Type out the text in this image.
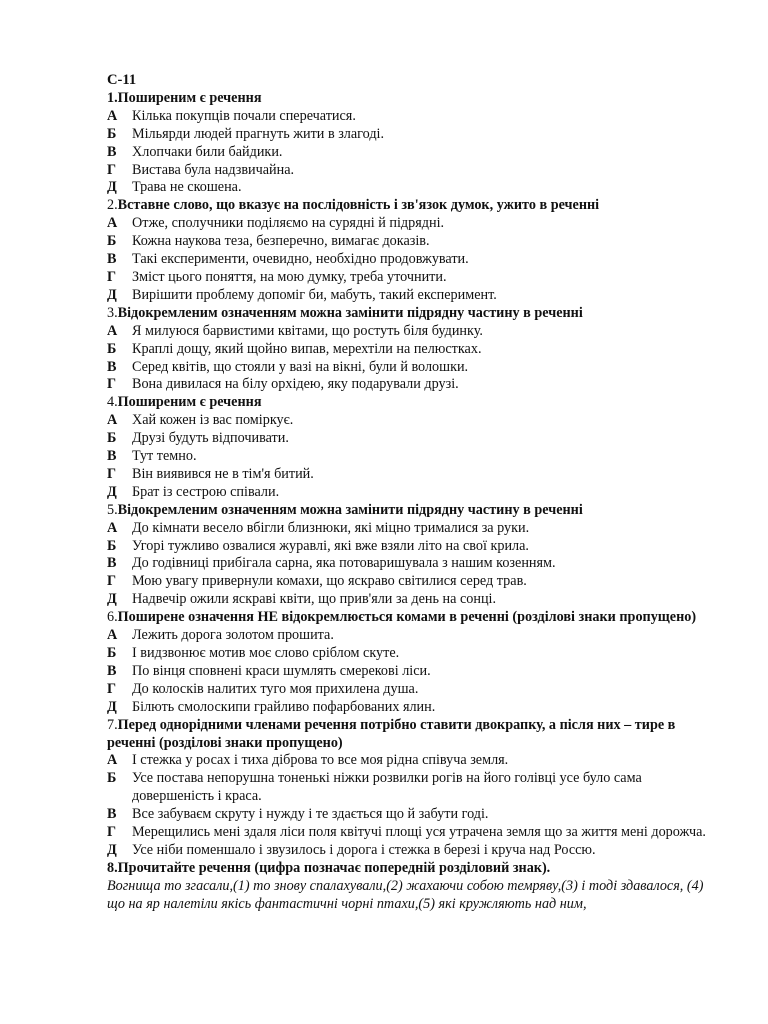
С-11
1.Поширеним є речення
А	Кілька покупців почали сперечатися.
Б	Мільярди людей прагнуть жити в злагоді.
В	Хлопчаки били байдики.
Г	Вистава була надзвичайна.
Д	Трава не скошена.
2.Вставне слово, що вказує на послідовність і зв'язок думок, ужито в реченні
А	Отже, сполучники поділяємо на сурядні й підрядні.
Б	Кожна наукова теза, безперечно, вимагає доказів.
В	Такі експерименти, очевидно, необхідно продовжувати.
Г	Зміст цього поняття, на мою думку, треба уточнити.
Д	Вирішити проблему допоміг би, мабуть, такий експеримент.
3.Відокремленим означенням можна замінити підрядну частину в реченні
А	Я милуюся барвистими квітами, що ростуть біля будинку.
Б	Краплі дощу, який щойно випав, мерехтіли на пелюстках.
В	Серед квітів, що стояли у вазі на вікні, були й волошки.
Г	Вона дивилася на білу орхідею, яку подарували друзі.
4.Поширеним є речення
А	Хай кожен із вас поміркує.
Б	Друзі будуть відпочивати.
В	Тут темно.
Г	Він виявився не в тім'я битий.
Д	Брат із сестрою співали.
5.Відокремленим означенням можна замінити підрядну частину в реченні
А	До кімнати весело вбігли близнюки, які міцно трималися за руки.
Б	Угорі тужливо озвалися журавлі, які вже взяли літо на свої крила.
В	До годівниці прибігала сарна, яка потоваришувала з нашим козенням.
Г	Мою увагу привернули комахи, що яскраво світилися серед трав.
Д	Надвечір ожили яскраві квіти, що прив'яли за день на сонці.
6.Поширене означення НЕ відокремлюється комами в реченні (розділові знаки пропущено)
А	Лежить дорога золотом прошита.
Б	І видзвонює мотив моє слово сріблом скуте.
В	По вінця сповнені краси шумлять смерекові ліси.
Г	До колосків налитих туго моя прихилена душа.
Д	Білють смолоскипи грайливо пофарбованих ялин.
7.Перед однорідними членами речення потрібно ставити двокрапку, а після них – тире в реченні (розділові знаки пропущено)
А	І стежка у росах і тиха діброва то все моя рідна співуча земля.
Б	Усе постава непорушна тоненькі ніжки розвилки рогів на його голівці усе було сама довершеність і краса.
В	Все забуваєм скруту і нужду і те здається що й забути годі.
Г	Мерещились мені здаля ліси поля квітучі площі уся утрачена земля що за життя мені дорожча.
Д	Усе ніби поменшало і звузилось і дорога і стежка в березі і круча над Россю.
8.Прочитайте речення (цифра позначає попередній розділовий знак).
Вогнища то згасали,(1) то знову спалахували,(2) жахаючи собою темряву,(3) і тоді здавалося, (4) що на яр налетіли якісь фантастичні чорні птахи,(5) які кружляють над ним,
